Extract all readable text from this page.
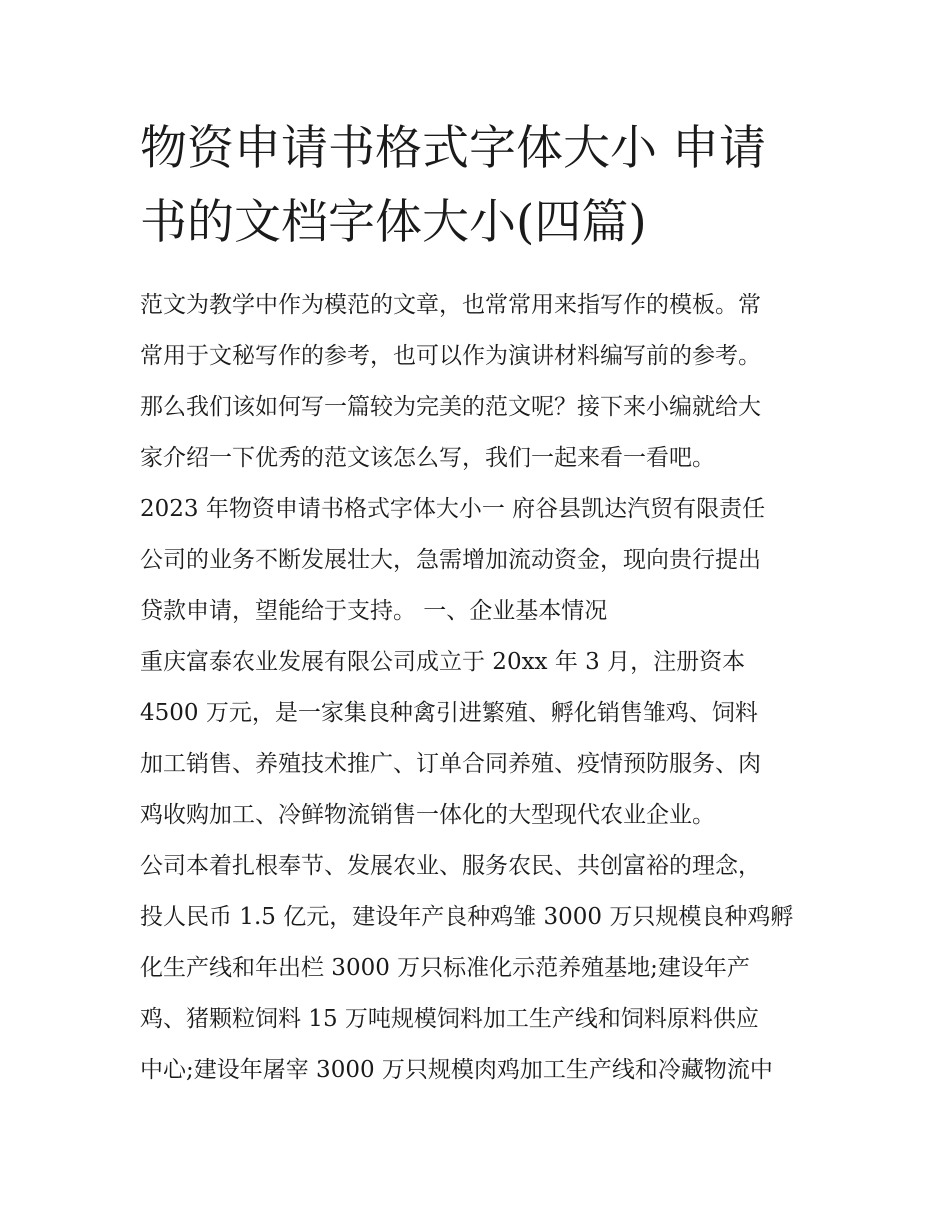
物资申请书格式字体大小 申请
书的文档字体大小(四篇)
范文为教学中作为模范的文章，也常常用来指写作的模板。常
常用于文秘写作的参考，也可以作为演讲材料编写前的参考。
那么我们该如何写一篇较为完美的范文呢？接下来小编就给大
家介绍一下优秀的范文该怎么写，我们一起来看一看吧。
2023 年物资申请书格式字体大小一 府谷县凯达汽贸有限责任
公司的业务不断发展壮大，急需增加流动资金，现向贵行提出
贷款申请，望能给于支持。 一、企业基本情况
重庆富泰农业发展有限公司成立于 20xx 年 3 月，注册资本
4500 万元，是一家集良种禽引进繁殖、孵化销售雏鸡、饲料
加工销售、养殖技术推广、订单合同养殖、疫情预防服务、肉
鸡收购加工、冷鲜物流销售一体化的大型现代农业企业。
公司本着扎根奉节、发展农业、服务农民、共创富裕的理念，
投人民币 1.5 亿元，建设年产良种鸡雏 3000 万只规模良种鸡孵
化生产线和年出栏 3000 万只标准化示范养殖基地;建设年产
鸡、猪颗粒饲料 15 万吨规模饲料加工生产线和饲料原料供应
中心;建设年屠宰 3000 万只规模肉鸡加工生产线和冷藏物流中
